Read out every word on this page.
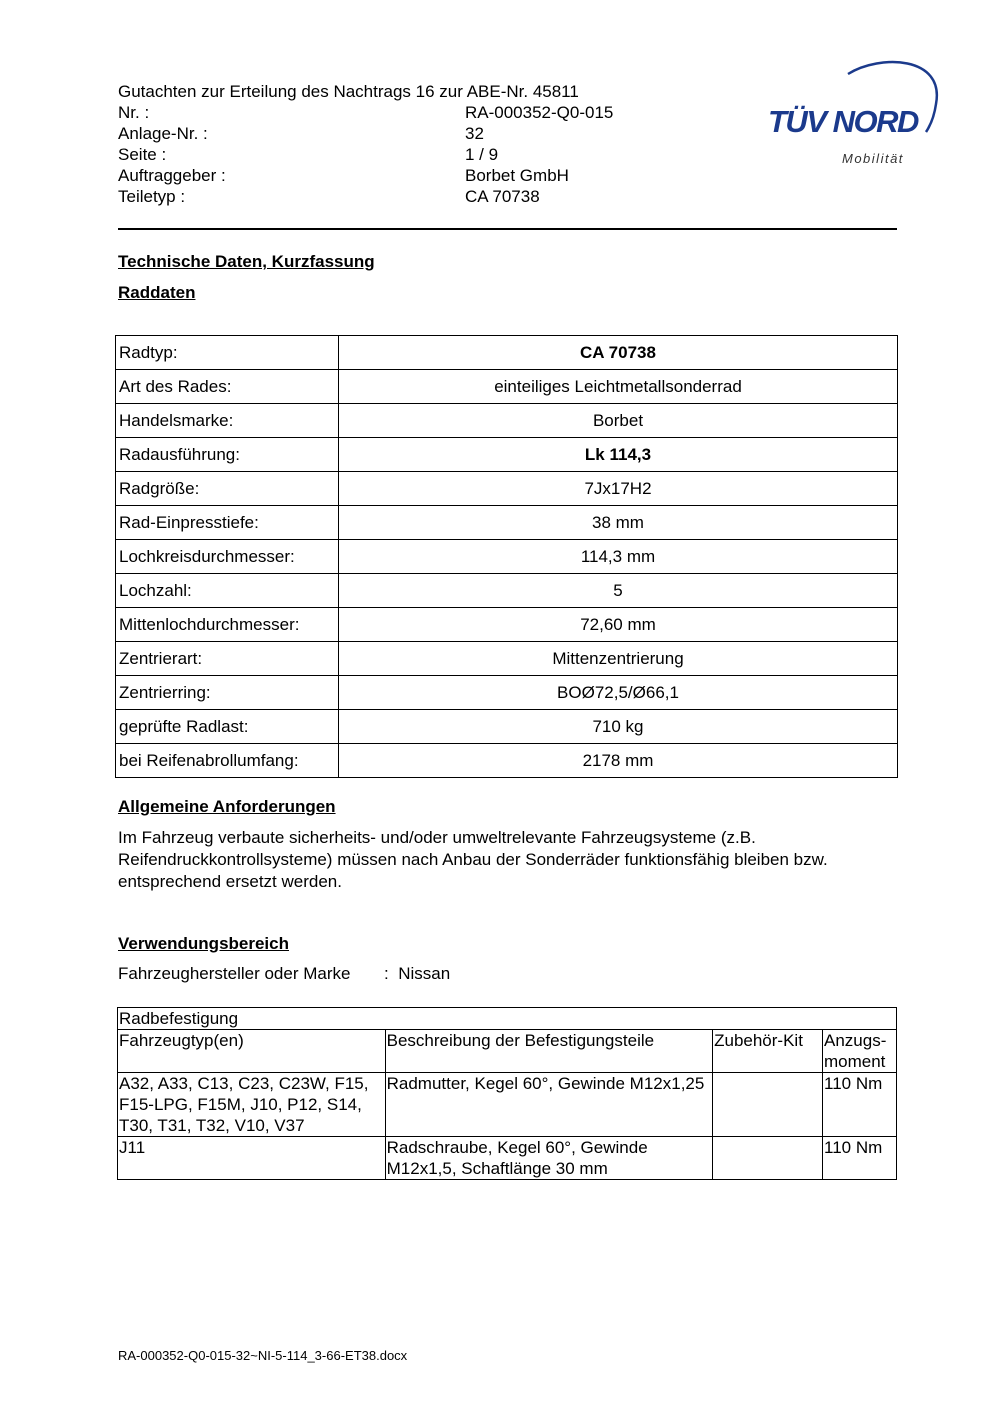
Gutachten zur Erteilung des Nachtrags 16 zur ABE-Nr. 45811
Nr. :	RA-000352-Q0-015
Anlage-Nr. :	32
Seite :	1 / 9
Auftraggeber :	Borbet GmbH
Teiletyp :	CA 70738
TÜV NORD
Mobilität
Technische Daten, Kurzfassung
Raddaten
Radtyp:	CA 70738
Art des Rades:	einteiliges Leichtmetallsonderrad
Handelsmarke:	Borbet
Radausführung:	Lk 114,3
Radgröße:	7Jx17H2
Rad-Einpresstiefe:	38 mm
Lochkreisdurchmesser:	114,3 mm
Lochzahl:	5
Mittenlochdurchmesser:	72,60 mm
Zentrierart:	Mittenzentrierung
Zentrierring:	BOØ72,5/Ø66,1
geprüfte Radlast:	710 kg
bei Reifenabrollumfang:	2178 mm
Allgemeine Anforderungen
Im Fahrzeug verbaute sicherheits- und/oder umweltrelevante Fahrzeugsysteme (z.B. Reifendruckkontrollsysteme) müssen nach Anbau der Sonderräder funktionsfähig bleiben bzw. entsprechend ersetzt werden.
Verwendungsbereich
Fahrzeughersteller oder Marke : Nissan
Radbefestigung			
Fahrzeugtyp(en)	Beschreibung der Befestigungsteile	Zubehör-Kit	Anzugs-
moment
A32, A33, C13, C23, C23W, F15, F15-LPG, F15M, J10, P12, S14, T30, T31, T32, V10, V37	Radmutter, Kegel 60°, Gewinde M12x1,25		110 Nm
J11	Radschraube, Kegel 60°, Gewinde M12x1,5, Schaftlänge 30 mm		110 Nm
RA-000352-Q0-015-32~NI-5-114_3-66-ET38.docx
